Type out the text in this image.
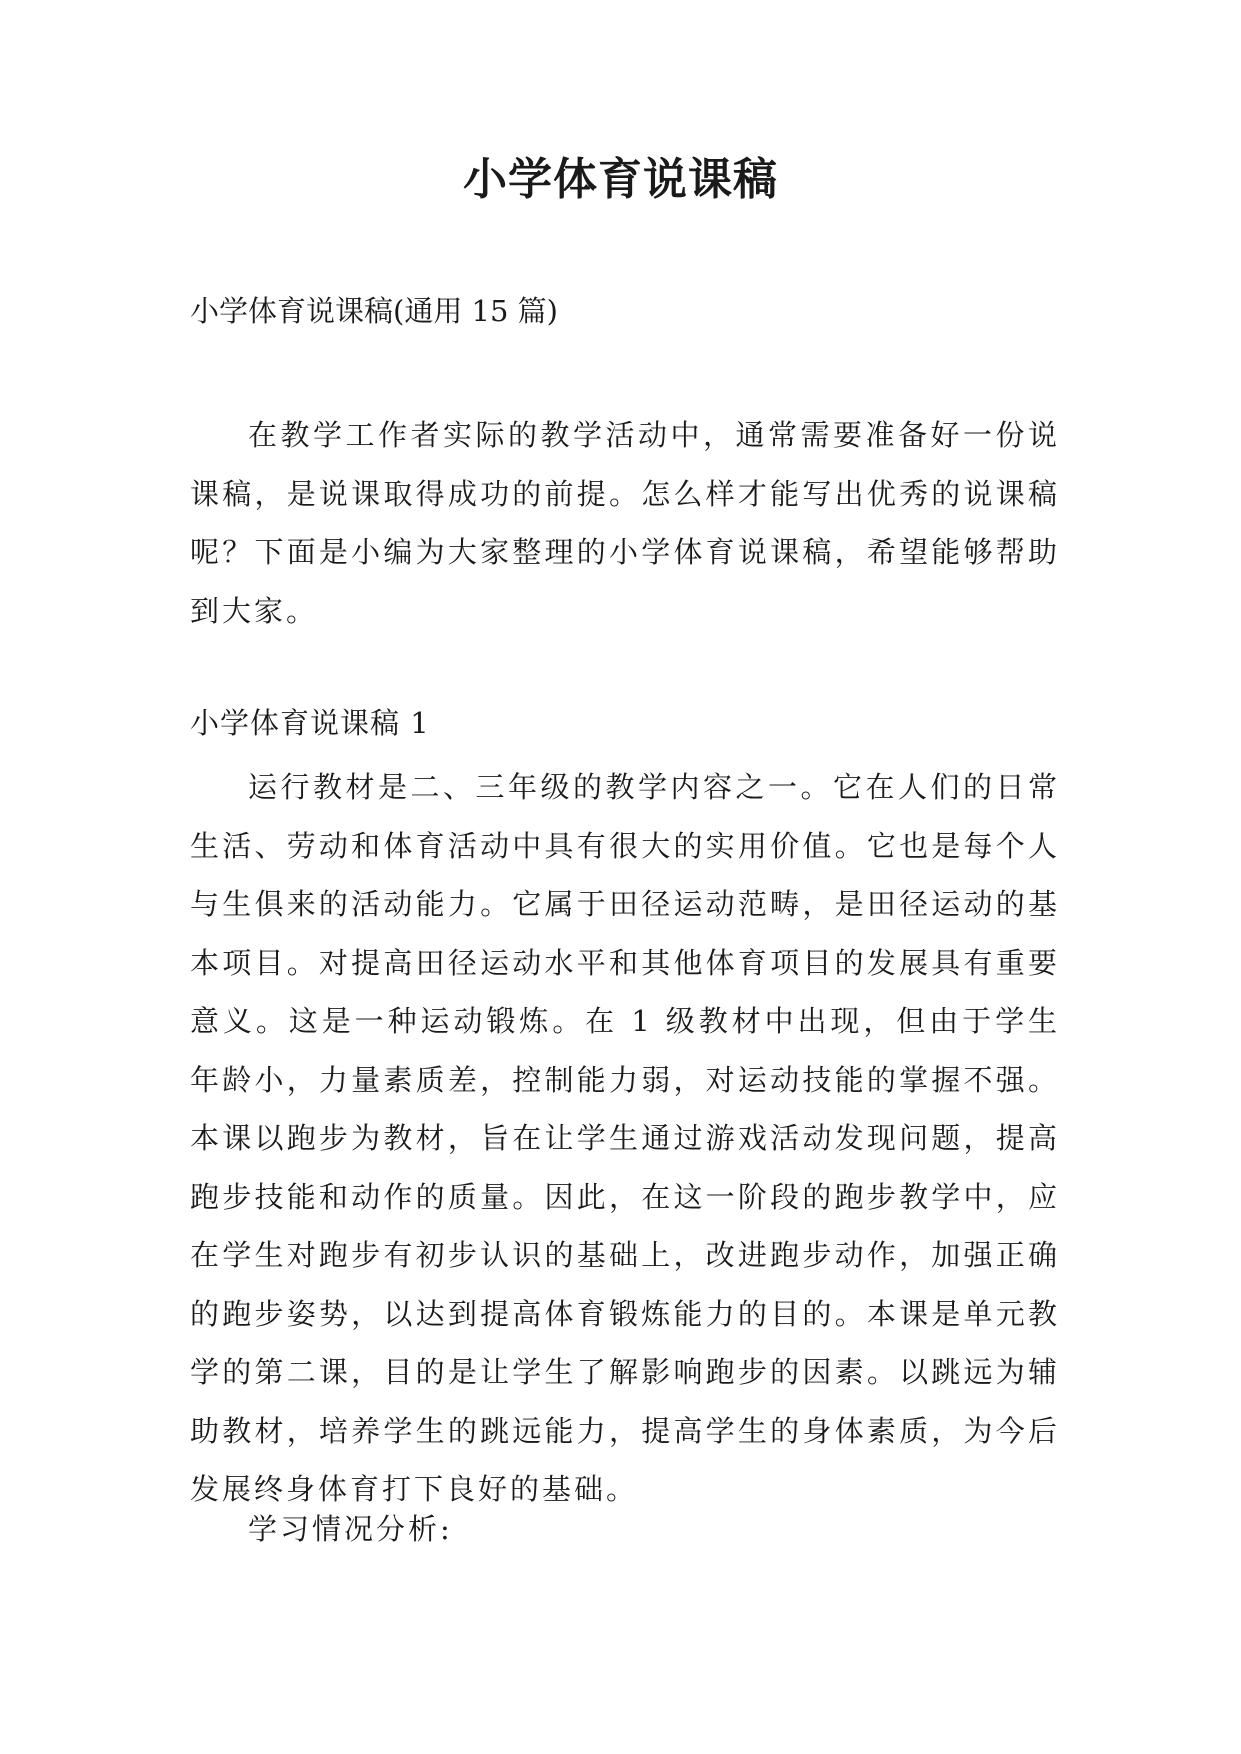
小学体育说课稿

小学体育说课稿(通用 15 篇)

在教学工作者实际的教学活动中，通常需要准备好一份说课稿，是说课取得成功的前提。怎么样才能写出优秀的说课稿呢？下面是小编为大家整理的小学体育说课稿，希望能够帮助到大家。

小学体育说课稿 1

运行教材是二、三年级的教学内容之一。它在人们的日常生活、劳动和体育活动中具有很大的实用价值。它也是每个人与生俱来的活动能力。它属于田径运动范畴，是田径运动的基本项目。对提高田径运动水平和其他体育项目的发展具有重要意义。这是一种运动锻炼。在 1 级教材中出现，但由于学生年龄小，力量素质差，控制能力弱，对运动技能的掌握不强。本课以跑步为教材，旨在让学生通过游戏活动发现问题，提高跑步技能和动作的质量。因此，在这一阶段的跑步教学中，应在学生对跑步有初步认识的基础上，改进跑步动作，加强正确的跑步姿势，以达到提高体育锻炼能力的目的。本课是单元教学的第二课，目的是让学生了解影响跑步的因素。以跳远为辅助教材，培养学生的跳远能力，提高学生的身体素质，为今后发展终身体育打下良好的基础。

学习情况分析:
